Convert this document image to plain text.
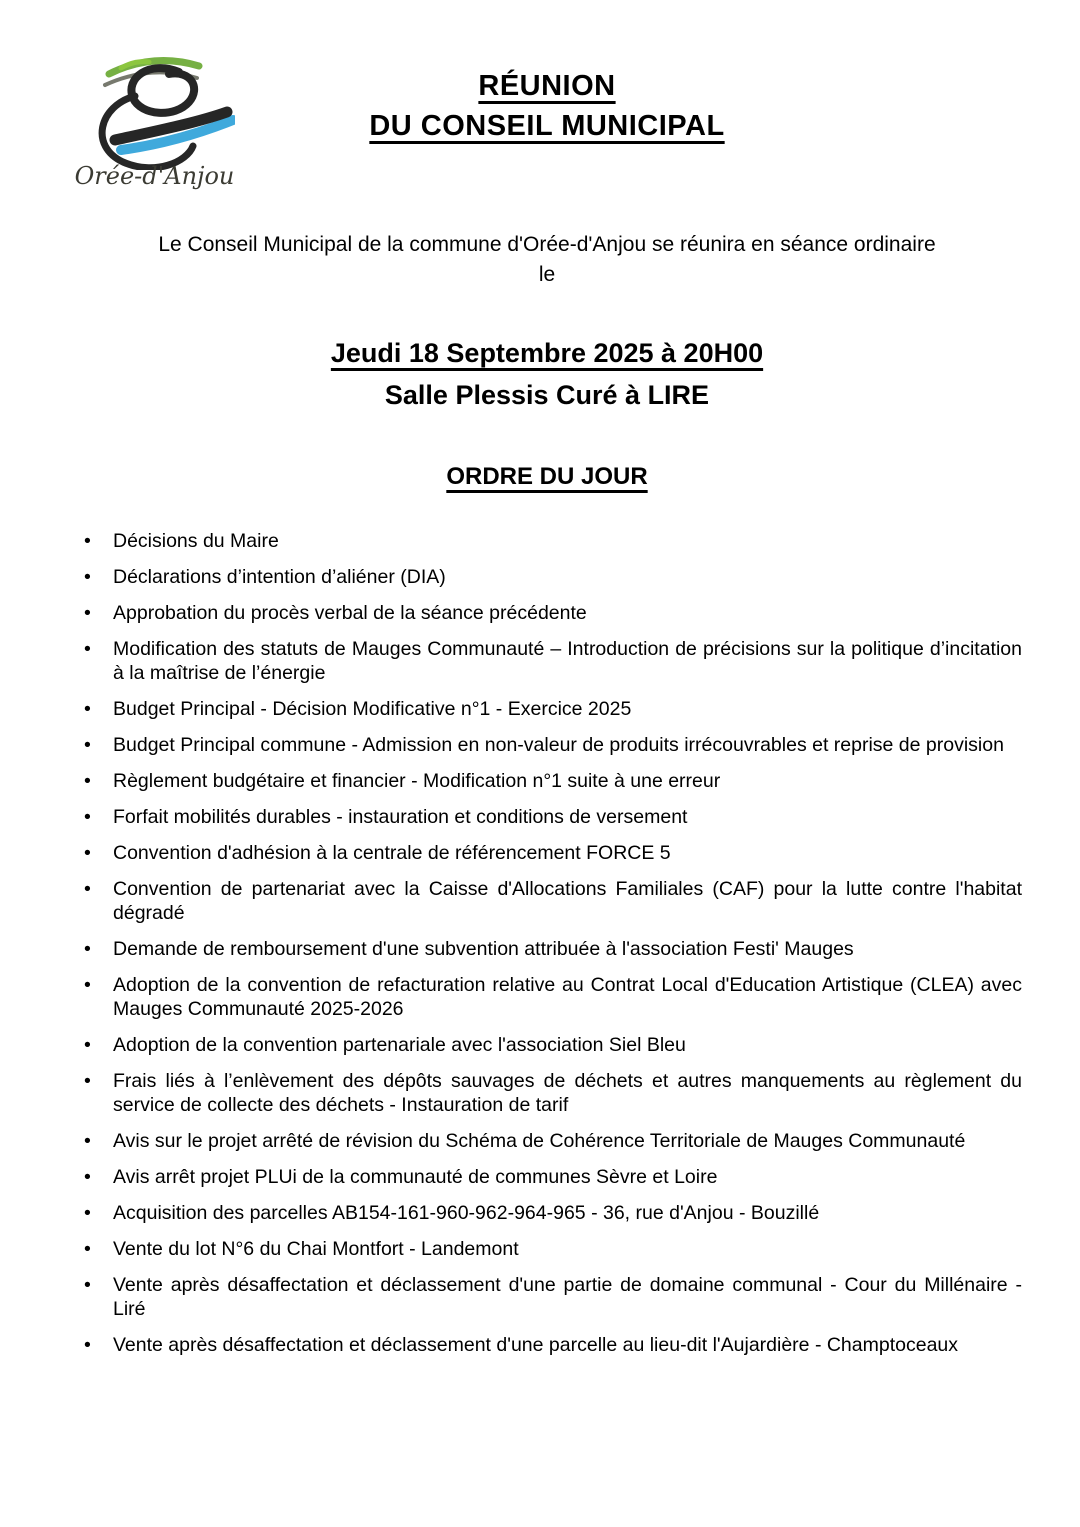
Orée-d'Anjou
RÉUNION
DU CONSEIL MUNICIPAL

Le Conseil Municipal de la commune d'Orée-d'Anjou se réunira en séance ordinaire
le

Jeudi 18 Septembre 2025 à 20H00
Salle Plessis Curé à LIRE
ORDRE DU JOUR
• Décisions du Maire
• Déclarations d’intention d’aliéner (DIA)
• Approbation du procès verbal de la séance précédente
• Modification des statuts de Mauges Communauté – Introduction de précisions sur la politique d’incitation à la maîtrise de l’énergie
• Budget Principal - Décision Modificative n°1 - Exercice 2025
• Budget Principal commune - Admission en non-valeur de produits irrécouvrables et reprise de provision
• Règlement budgétaire et financier - Modification n°1 suite à une erreur
• Forfait mobilités durables - instauration et conditions de versement
• Convention d'adhésion à la centrale de référencement FORCE 5
• Convention de partenariat avec la Caisse d'Allocations Familiales (CAF) pour la lutte contre l'habitat dégradé
• Demande de remboursement d'une subvention attribuée à l'association Festi' Mauges
• Adoption de la convention de refacturation relative au Contrat Local d'Education Artistique (CLEA) avec Mauges Communauté 2025-2026
• Adoption de la convention partenariale avec l'association Siel Bleu
• Frais liés à l’enlèvement des dépôts sauvages de déchets et autres manquements au règlement du service de collecte des déchets - Instauration de tarif
• Avis sur le projet arrêté de révision du Schéma de Cohérence Territoriale de Mauges Communauté
• Avis arrêt projet PLUi de la communauté de communes Sèvre et Loire
• Acquisition des parcelles AB154-161-960-962-964-965 - 36, rue d'Anjou - Bouzillé
• Vente du lot N°6 du Chai Montfort - Landemont
• Vente après désaffectation et déclassement d'une partie de domaine communal - Cour du Millénaire - Liré
• Vente après désaffectation et déclassement d'une parcelle au lieu-dit l'Aujardière - Champtoceaux
